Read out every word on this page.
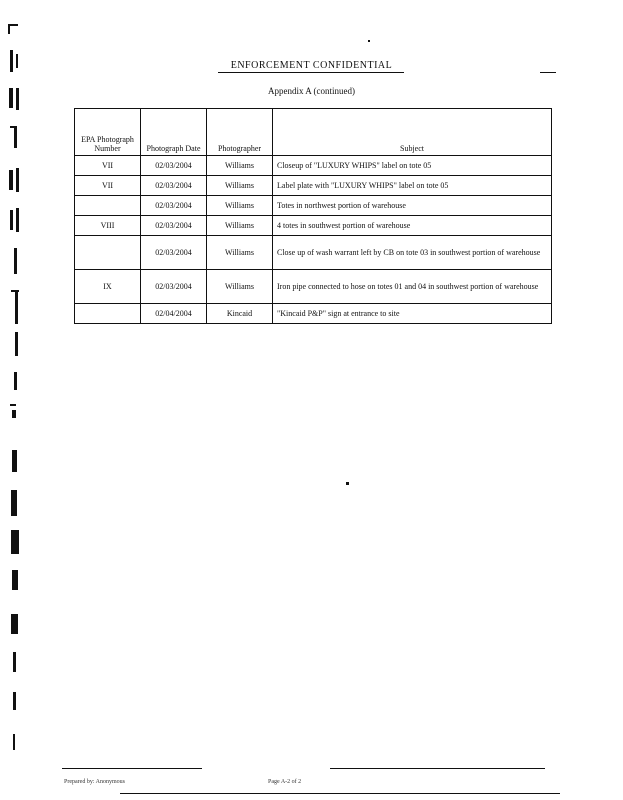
ENFORCEMENT CONFIDENTIAL
Appendix A (continued)
EPA Photograph Number	Photograph Date	Photographer	Subject
VII	02/03/2004	Williams	Closeup of "LUXURY WHIPS" label on tote 05
VII	02/03/2004	Williams	Label plate with "LUXURY WHIPS" label on tote 05
	02/03/2004	Williams	Totes in northwest portion of warehouse
VIII	02/03/2004	Williams	4 totes in southwest portion of warehouse
	02/03/2004	Williams	Close up of wash warrant left by CB on tote 03 in southwest portion of warehouse
IX	02/03/2004	Williams	Iron pipe connected to hose on totes 01 and 04 in southwest portion of warehouse
	02/04/2004	Kincaid	"Kincaid P&P" sign at entrance to site
Prepared by: Anonymous	Page A-2 of 2
